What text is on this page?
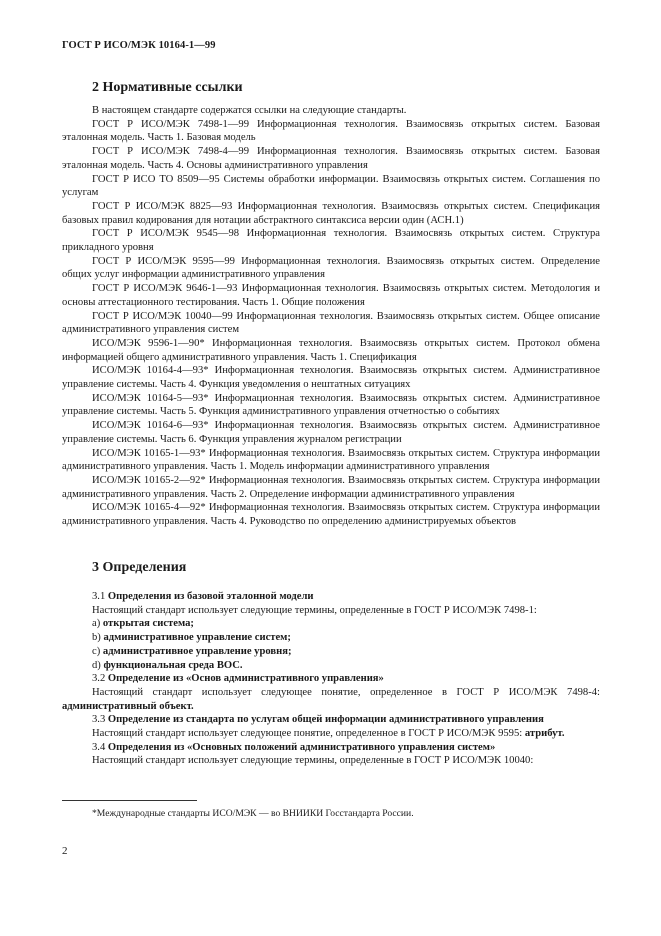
ГОСТ Р ИСО/МЭК 10164-1—99
2 Нормативные ссылки

В настоящем стандарте содержатся ссылки на следующие стандарты.

ГОСТ Р ИСО/МЭК 7498-1—99 Информационная технология. Взаимосвязь открытых систем. Базовая эталонная модель. Часть 1. Базовая модель

ГОСТ Р ИСО/МЭК 7498-4—99 Информационная технология. Взаимосвязь открытых систем. Базовая эталонная модель. Часть 4. Основы административного управления

ГОСТ Р ИСО ТО 8509—95 Системы обработки информации. Взаимосвязь открытых систем. Соглашения по услугам

ГОСТ Р ИСО/МЭК 8825—93 Информационная технология. Взаимосвязь открытых систем. Спецификация базовых правил кодирования для нотации абстрактного синтаксиса версии один (АСН.1)

ГОСТ Р ИСО/МЭК 9545—98 Информационная технология. Взаимосвязь открытых систем. Структура прикладного уровня

ГОСТ Р ИСО/МЭК 9595—99 Информационная технология. Взаимосвязь открытых систем. Определение общих услуг информации административного управления

ГОСТ Р ИСО/МЭК 9646-1—93 Информационная технология. Взаимосвязь открытых систем. Методология и основы аттестационного тестирования. Часть 1. Общие положения

ГОСТ Р ИСО/МЭК 10040—99 Информационная технология. Взаимосвязь открытых систем. Общее описание административного управления систем

ИСО/МЭК 9596-1—90* Информационная технология. Взаимосвязь открытых систем. Протокол обмена информацией общего административного управления. Часть 1. Спецификация

ИСО/МЭК 10164-4—93* Информационная технология. Взаимосвязь открытых систем. Административное управление системы. Часть 4. Функция уведомления о нештатных ситуациях

ИСО/МЭК 10164-5—93* Информационная технология. Взаимосвязь открытых систем. Административное управление системы. Часть 5. Функция административного управления отчетностью о событиях

ИСО/МЭК 10164-6—93* Информационная технология. Взаимосвязь открытых систем. Административное управление системы. Часть 6. Функция управления журналом регистрации

ИСО/МЭК 10165-1—93* Информационная технология. Взаимосвязь открытых систем. Структура информации административного управления. Часть 1. Модель информации административного управления

ИСО/МЭК 10165-2—92* Информационная технология. Взаимосвязь открытых систем. Структура информации административного управления. Часть 2. Определение информации административного управления

ИСО/МЭК 10165-4—92* Информационная технология. Взаимосвязь открытых систем. Структура информации административного управления. Часть 4. Руководство по определению администрируемых объектов

3 Определения

3.1 Определения из базовой эталонной модели

Настоящий стандарт использует следующие термины, определенные в ГОСТ Р ИСО/МЭК 7498-1:

a) открытая система;

b) административное управление систем;

c) административное управление уровня;

d) функциональная среда ВОС.

3.2 Определение из «Основ административного управления»

Настоящий стандарт использует следующее понятие, определенное в ГОСТ Р ИСО/МЭК 7498-4: административный объект.

3.3 Определение из стандарта по услугам общей информации административного управления

Настоящий стандарт использует следующее понятие, определенное в ГОСТ Р ИСО/МЭК 9595: атрибут.

3.4 Определения из «Основных положений административного управления систем»

Настоящий стандарт использует следующие термины, определенные в ГОСТ Р ИСО/МЭК 10040:

*Международные стандарты ИСО/МЭК — во ВНИИКИ Госстандарта России.
2
